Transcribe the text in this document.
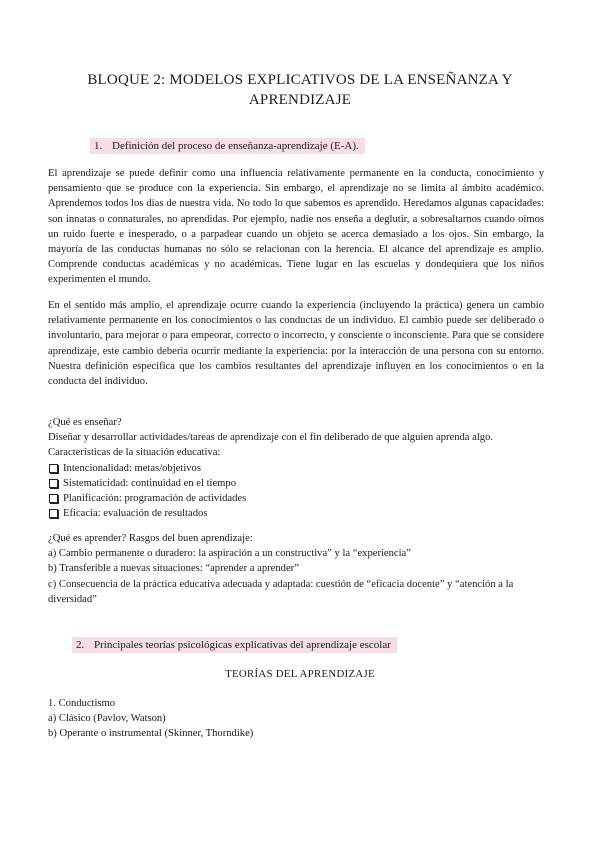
BLOQUE 2: MODELOS EXPLICATIVOS DE LA ENSEÑANZA Y
APRENDIZAJE
1. Definición del proceso de enseñanza-aprendizaje (E-A).

El aprendizaje se puede definir como una influencia relativamente permanente en la conducta, conocimiento y pensamiento que se produce con la experiencia. Sin embargo, el aprendizaje no se limita al ámbito académico. Aprendemos todos los días de nuestra vida. No todo lo que sabemos es aprendido. Heredamos algunas capacidades: son innatas o connaturales, no aprendidas. Por ejemplo, nadie nos enseña a deglutir, a sobresaltarnos cuando oímos un ruido fuerte e inesperado, o a parpadear cuando un objeto se acerca demasiado a los ojos. Sin embargo, la mayoría de las conductas humanas no sólo se relacionan con la herencia. El alcance del aprendizaje es amplio. Comprende conductas académicas y no académicas. Tiene lugar en las escuelas y dondequiera que los niños experimenten el mundo.

En el sentido más amplio, el aprendizaje ocurre cuando la experiencia (incluyendo la práctica) genera un cambio relativamente permanente en los conocimientos o las conductas de un individuo. El cambio puede ser deliberado o involuntario, para mejorar o para empeorar, correcto o incorrecto, y consciente o inconsciente. Para que se considere aprendizaje, este cambio debería ocurrir mediante la experiencia: por la interacción de una persona con su entorno. Nuestra definición específica que los cambios resultantes del aprendizaje influyen en los conocimientos o en la conducta del individuo.

¿Qué es enseñar?
Diseñar y desarrollar actividades/tareas de aprendizaje con el fin deliberado de que alguien aprenda algo.
Características de la situación educativa:
Intencionalidad: metas/objetivos
Sistematicidad: continuidad en el tiempo
Planificación: programación de actividades
Eficacia: evaluación de resultados
¿Qué es aprender? Rasgos del buen aprendizaje:
a) Cambio permanente o duradero: la aspiración a un constructiva” y la “experiencia”
b) Transferible a nuevas situaciones: “aprender a aprender”
c) Consecuencia de la práctica educativa adecuada y adaptada: cuestión de “eficacia docente” y “atención a la diversidad”
2. Principales teorías psicológicas explicativas del aprendizaje escolar
TEORÍAS DEL APRENDIZAJE
1. Conductismo
a) Clásico (Pavlov, Watson)
b) Operante o instrumental (Skinner, Thorndike)
